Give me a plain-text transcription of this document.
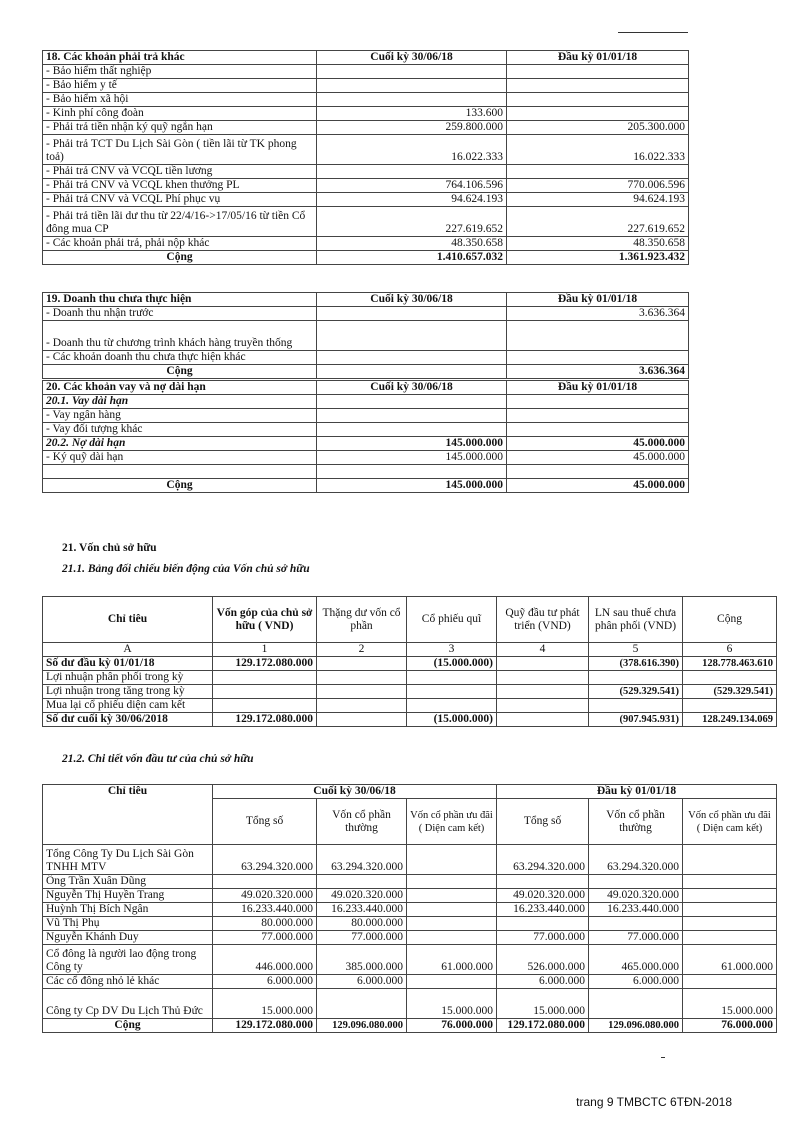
18. Các khoản phải trả khác	Cuối kỳ 30/06/18	Đầu kỳ 01/01/18
- Bảo hiểm thất nghiệp		
- Bảo hiểm y tế		
- Bảo hiểm xã hội		
- Kinh phí công đoàn	133.600	
- Phải trả tiền nhận ký quỹ ngắn hạn	259.800.000	205.300.000
- Phải trả TCT Du Lịch Sài Gòn ( tiền lãi từ TK phong toả)	16.022.333	16.022.333
- Phải trả CNV và VCQL tiền lương		
- Phải trả CNV và VCQL khen thưởng PL	764.106.596	770.006.596
- Phải trả CNV và VCQL Phí phục vụ	94.624.193	94.624.193
- Phải trả tiền lãi dư thu từ 22/4/16->17/05/16 từ tiền Cổ đông mua CP	227.619.652	227.619.652
- Các khoản phải trả, phải nộp khác	48.350.658	48.350.658
Cộng	1.410.657.032	1.361.923.432
19. Doanh thu chưa thực hiện	Cuối kỳ 30/06/18	Đầu kỳ 01/01/18
- Doanh thu nhận trước		3.636.364
- Doanh thu từ chương trình khách hàng truyền thống		
- Các khoản doanh thu chưa thực hiện khác		
Cộng		3.636.364
20. Các khoản vay và nợ dài hạn	Cuối kỳ 30/06/18	Đầu kỳ 01/01/18
20.1. Vay dài hạn		
- Vay ngân hàng		
- Vay đối tượng khác		
20.2. Nợ dài hạn	145.000.000	45.000.000
- Ký quỹ dài hạn	145.000.000	45.000.000

Cộng	145.000.000	45.000.000
21. Vốn chủ sở hữu
21.1. Bảng đối chiếu biến động của Vốn chủ sở hữu
Chỉ tiêu	Vốn góp của chủ sở hữu ( VND)	Thặng dư vốn cổ phần	Cổ phiếu quĩ	Quỹ đầu tư phát triển (VND)	LN sau thuế chưa phân phối (VND)	Cộng
A	1	2	3	4	5	6
Số dư đầu kỳ 01/01/18	129.172.080.000		(15.000.000)		(378.616.390)	128.778.463.610
Lợi nhuận phân phối trong kỳ						
Lợi nhuận trong tăng trong kỳ					(529.329.541)	(529.329.541)
Mua lại cổ phiếu diện cam kết						
Số dư cuối kỳ 30/06/2018	129.172.080.000		(15.000.000)		(907.945.931)	128.249.134.069
21.2. Chi tiết vốn đầu tư của chủ sở hữu
Chỉ tiêu	Cuối kỳ 30/06/18			Đầu kỳ 01/01/18		
	Tổng số	Vốn cổ phần thường	Vốn cổ phần ưu đãi ( Diện cam kết)	Tổng số	Vốn cổ phần thường	Vốn cổ phần ưu đãi ( Diện cam kết)
Tổng Công Ty Du Lịch Sài Gòn TNHH MTV	63.294.320.000	63.294.320.000		63.294.320.000	63.294.320.000	
Ông Trần Xuân Dũng						
Nguyễn Thị Huyền Trang	49.020.320.000	49.020.320.000		49.020.320.000	49.020.320.000	
Huỳnh Thị Bích Ngân	16.233.440.000	16.233.440.000		16.233.440.000	16.233.440.000	
Vũ Thị Phụ	80.000.000	80.000.000				
Nguyễn Khánh Duy	77.000.000	77.000.000		77.000.000	77.000.000	
Cổ đông là người lao động trong Công ty	446.000.000	385.000.000	61.000.000	526.000.000	465.000.000	61.000.000
Các cổ đông nhỏ lẻ khác	6.000.000	6.000.000		6.000.000	6.000.000	
Công ty Cp DV Du Lịch Thủ Đức	15.000.000		15.000.000	15.000.000		15.000.000
Cộng	129.172.080.000	129.096.080.000	76.000.000	129.172.080.000	129.096.080.000	76.000.000
trang 9 TMBCTC 6TĐN-2018
